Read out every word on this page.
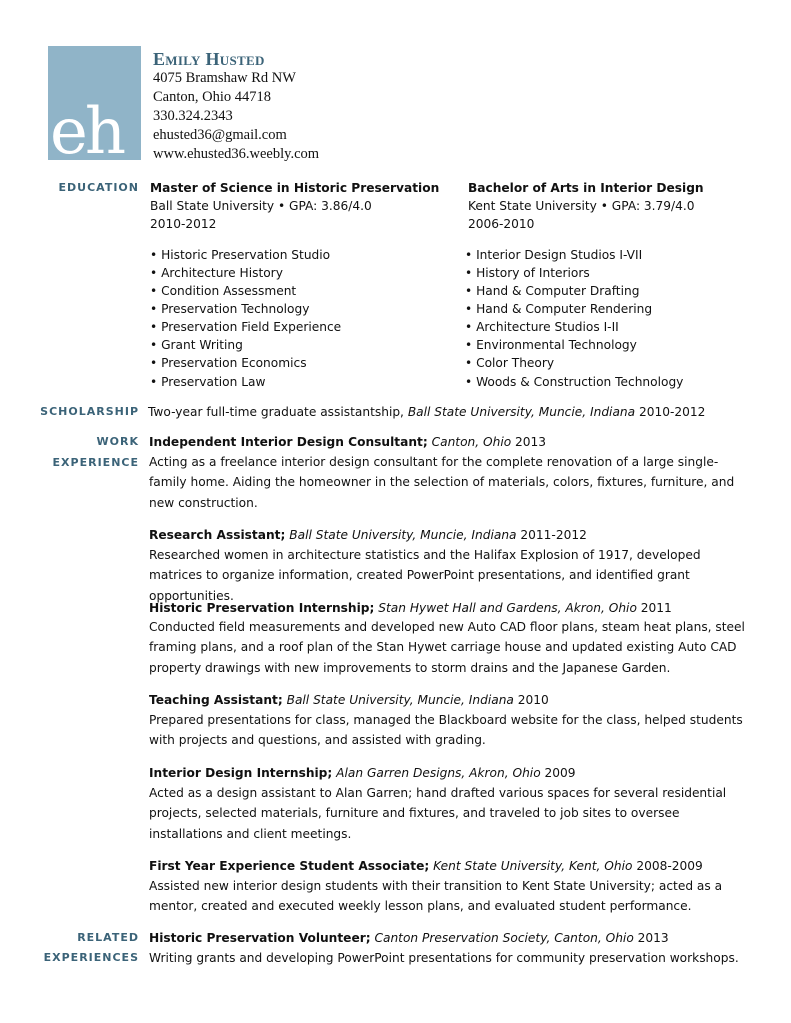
eh
Emily Husted
4075 Bramshaw Rd NW
Canton, Ohio 44718
330.324.2343
ehusted36@gmail.com
www.ehusted36.weebly.com
EDUCATION
SCHOLARSHIP
WORK
EXPERIENCE
RELATED
EXPERIENCES
Master of Science in Historic Preservation
Ball State University • GPA: 3.86/4.0
2010-2012
• Historic Preservation Studio
• Architecture History
• Condition Assessment
• Preservation Technology
• Preservation Field Experience
• Grant Writing
• Preservation Economics
• Preservation Law
Bachelor of Arts in Interior Design
Kent State University • GPA: 3.79/4.0
2006-2010
• Interior Design Studios I-VII
• History of Interiors
• Hand & Computer Drafting
• Hand & Computer Rendering
• Architecture Studios I-II
• Environmental Technology
• Color Theory
• Woods & Construction Technology
Two-year full-time graduate assistantship, Ball State University, Muncie, Indiana 2010-2012
Independent Interior Design Consultant; Canton, Ohio 2013
Acting as a freelance interior design consultant for the complete renovation of a large single-family home. Aiding the homeowner in the selection of materials, colors, fixtures, furniture, and new construction.
Research Assistant; Ball State University, Muncie, Indiana 2011-2012
Researched women in architecture statistics and the Halifax Explosion of 1917, developed matrices to organize information, created PowerPoint presentations, and identified grant opportunities.
Historic Preservation Internship; Stan Hywet Hall and Gardens, Akron, Ohio 2011
Conducted field measurements and developed new Auto CAD floor plans, steam heat plans, steel framing plans, and a roof plan of the Stan Hywet carriage house and updated existing Auto CAD property drawings with new improvements to storm drains and the Japanese Garden.
Teaching Assistant; Ball State University, Muncie, Indiana 2010
Prepared presentations for class, managed the Blackboard website for the class, helped students with projects and questions, and assisted with grading.
Interior Design Internship; Alan Garren Designs, Akron, Ohio 2009
Acted as a design assistant to Alan Garren; hand drafted various spaces for several residential projects, selected materials, furniture and fixtures, and traveled to job sites to oversee installations and client meetings.
First Year Experience Student Associate; Kent State University, Kent, Ohio 2008-2009
Assisted new interior design students with their transition to Kent State University; acted as a mentor, created and executed weekly lesson plans, and evaluated student performance.
Historic Preservation Volunteer; Canton Preservation Society, Canton, Ohio 2013
Writing grants and developing PowerPoint presentations for community preservation workshops.
